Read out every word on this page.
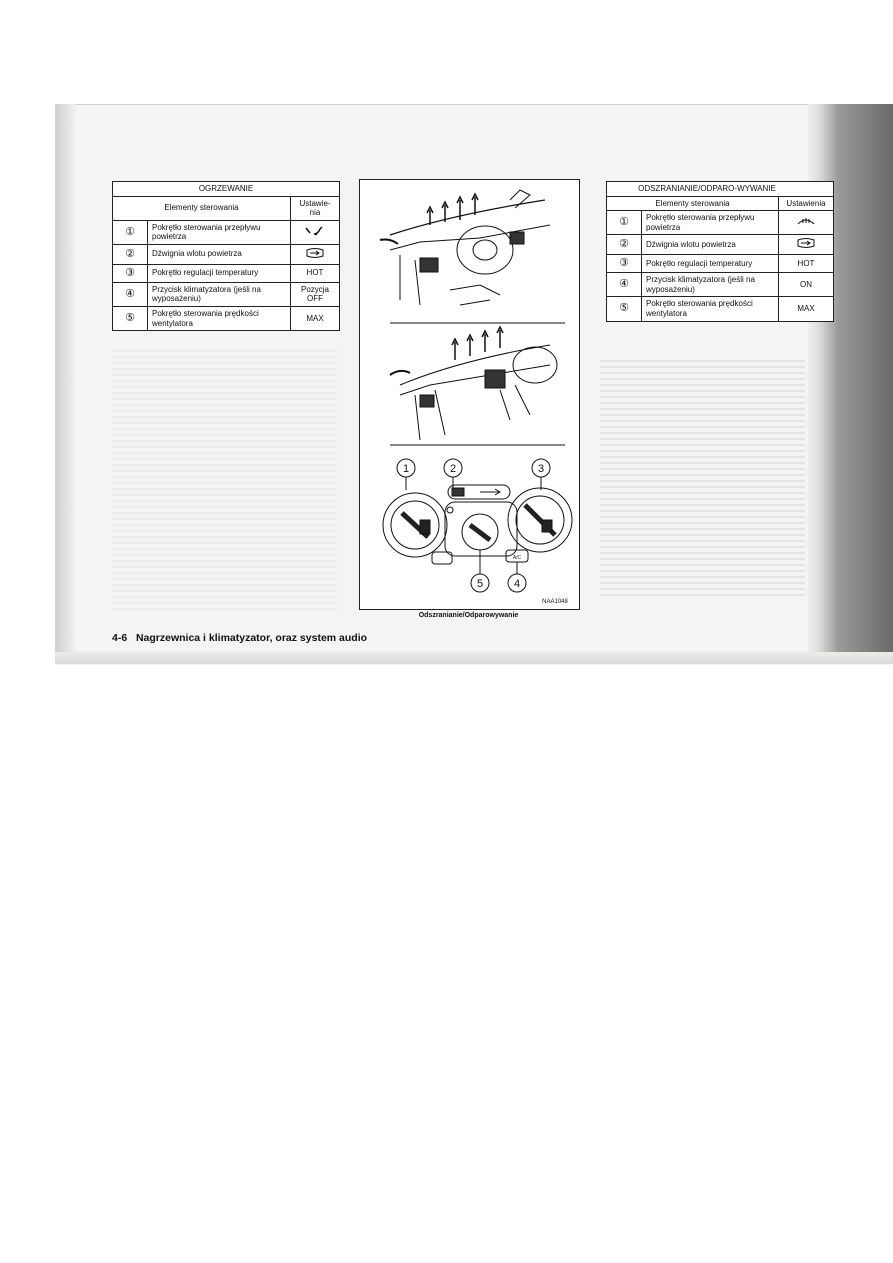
OGRZEWANIE		
Elementy sterowania		Ustawie-nia
①	Pokrętło sterowania przepływu powietrza	
②	Dźwignia wlotu powietrza	
③	Pokrętło regulacji temperatury	HOT
④	Przycisk klimatyzatora (jeśli na wyposażeniu)	Pozycja OFF
⑤	Pokrętło sterowania prędkości wentylatora	MAX
ODSZRANIANIE/ODPARO-WYWANIE		
Elementy sterowania		Ustawienia
①	Pokrętło sterowania przepływu powietrza	
②	Dźwignia wlotu powietrza	
③	Pokrętło regulacji temperatury	HOT
④	Przycisk klimatyzatora (jeśli na wyposażeniu)	ON
⑤	Pokrętło sterowania prędkości wentylatora	MAX
1	2	3
4
5
A/C
NAA1048
Odszranianie/Odparowywanie
4-6 Nagrzewnica i klimatyzator, oraz system audio
